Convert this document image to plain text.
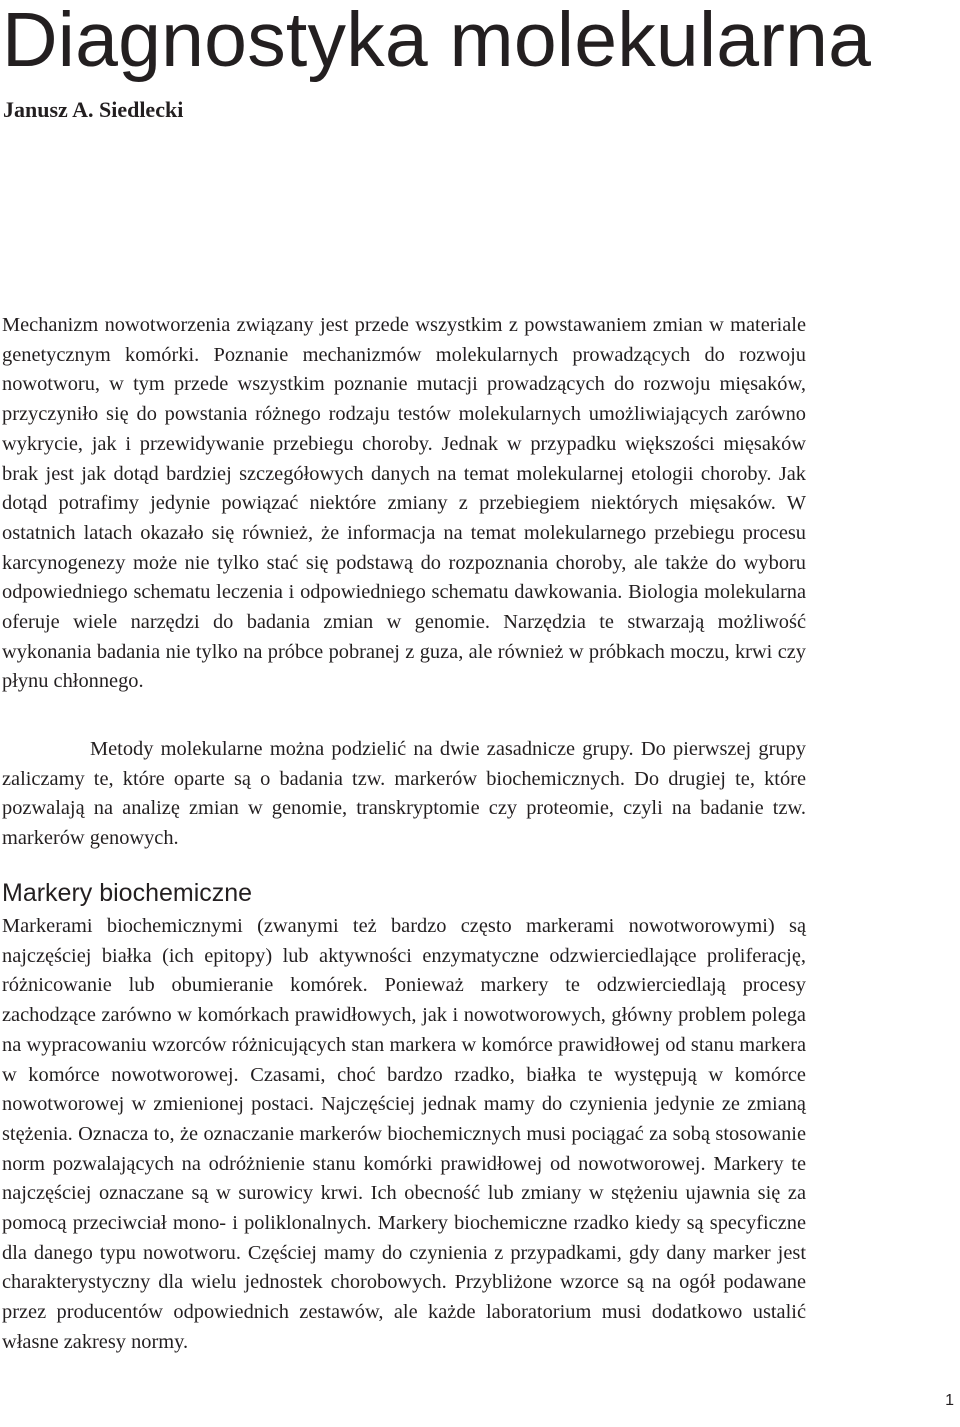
Diagnostyka molekularna

Janusz A. Siedlecki

Mechanizm nowotworzenia związany jest przede wszystkim z powstawaniem zmian w materiale genetycznym komórki. Poznanie mechanizmów molekularnych prowadzących do rozwoju nowotworu, w tym przede wszystkim poznanie mutacji prowadzących do rozwoju mięsaków, przyczyniło się do powstania różnego rodzaju testów molekularnych umożliwiających zarówno wykrycie, jak i przewidywanie przebiegu choroby. Jednak w przypadku większości mięsaków brak jest jak dotąd bardziej szczegółowych danych na temat molekularnej etologii choroby. Jak dotąd potrafimy jedynie powiązać niektóre zmiany z przebiegiem niektórych mięsaków. W ostatnich latach okazało się również, że informacja na temat molekularnego przebiegu procesu karcynogenezy może nie tylko stać się podstawą do rozpoznania choroby, ale także do wyboru odpowiedniego schematu leczenia i odpowiedniego schematu dawkowania. Biologia molekularna oferuje wiele narzędzi do badania zmian w genomie. Narzędzia te stwarzają możliwość wykonania badania nie tylko na próbce pobranej z guza, ale również w próbkach moczu, krwi czy płynu chłonnego.

Metody molekularne można podzielić na dwie zasadnicze grupy. Do pierwszej grupy zaliczamy te, które oparte są o badania tzw. markerów biochemicznych. Do drugiej te, które pozwalają na analizę zmian w genomie, transkryptomie czy proteomie, czyli na badanie tzw. markerów genowych.

Markery biochemiczne

Markerami biochemicznymi (zwanymi też bardzo często markerami nowotworowymi) są najczęściej białka (ich epitopy) lub aktywności enzymatyczne odzwierciedlające proliferację, różnicowanie lub obumieranie komórek. Ponieważ markery te odzwierciedlają procesy zachodzące zarówno w komórkach prawidłowych, jak i nowotworowych, główny problem polega na wypracowaniu wzorców różnicujących stan markera w komórce prawidłowej od stanu markera w komórce nowotworowej. Czasami, choć bardzo rzadko, białka te występują w komórce nowotworowej w zmienionej postaci. Najczęściej jednak mamy do czynienia jedynie ze zmianą stężenia. Oznacza to, że oznaczanie markerów biochemicznych musi pociągać za sobą stosowanie norm pozwalających na odróżnienie stanu komórki prawidłowej od nowotworowej. Markery te najczęściej oznaczane są w surowicy krwi. Ich obecność lub zmiany w stężeniu ujawnia się za pomocą przeciwciał mono- i poliklonalnych. Markery biochemiczne rzadko kiedy są specyficzne dla danego typu nowotworu. Częściej mamy do czynienia z przypadkami, gdy dany marker jest charakterystyczny dla wielu jednostek chorobowych. Przybliżone wzorce są na ogół podawane przez producentów odpowiednich zestawów, ale każde laboratorium musi dodatkowo ustalić własne zakresy normy.

1
